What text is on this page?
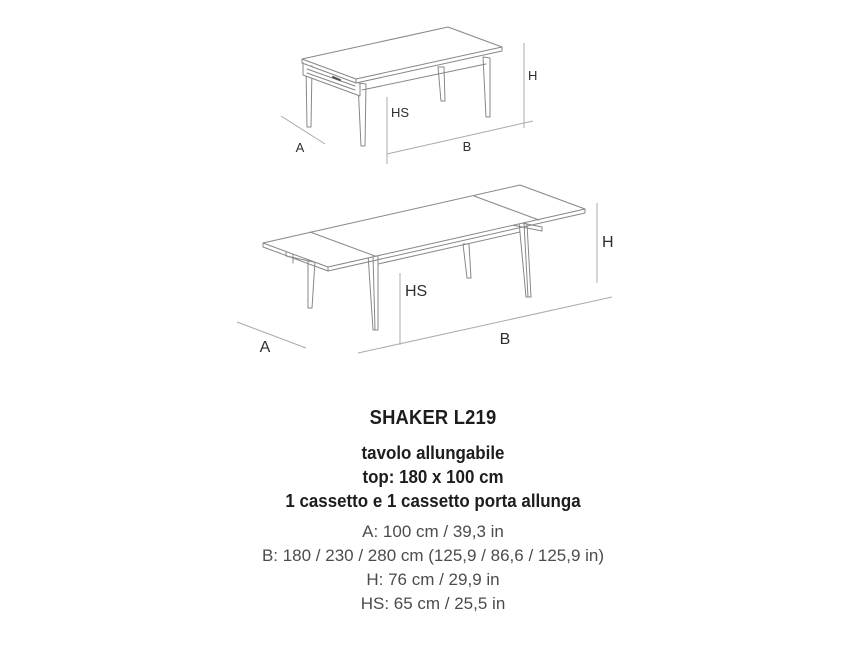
A	B
H
HS
A	B
H
HS
SHAKER L219
tavolo allungabile
top: 180 x 100 cm
1 cassetto e 1 cassetto porta allunga
A: 100 cm / 39,3 in
B: 180 / 230 / 280 cm (125,9 / 86,6 / 125,9 in)
H: 76 cm / 29,9 in
HS: 65 cm / 25,5 in
